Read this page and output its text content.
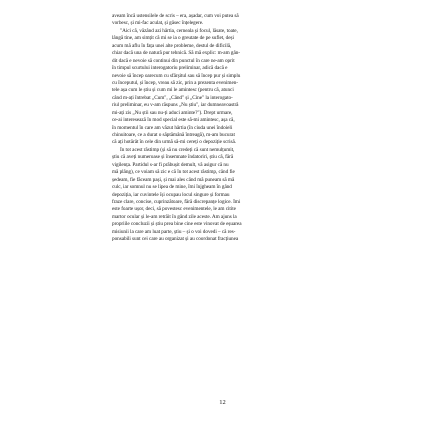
aveam încă ustensilele de scris – era, așadar, cum voi putea să
vorbesc, și mi-fac aculat, și gâsec înțelegere.
"Aici că, văzând azi hârtia, cerneala și focul, lăsate, toate,
lângă tine, am simțit că mi se ia o greutate de pe suflet, deși
acum mă aflu în fața unei alte probleme, destul de dificilă,
chiar dacă una de natură pur tehnică. Să mă explic: m-am gân-
dit dacă e nevoie să continui din punctul în care ne-am oprit
în timpul scurtului interogatoriu preliminar, adică dacă e
nevoie să încep oarecum cu sfârșitul sau să încep pur și simplu
cu începutul, și încep, vreau să zic, prin a prezenta evenimen-
tele așa cum le știu și cum mi le amintesc (pentru că, atunci
când m-ați întrebat „Cum", „Când" și „Cine" la interogato-
riul preliminar, eu v-am răspuns „Nu știu", iar dumneavoastră
mi-ați zis „Nu știi sau nu-ți aduci aminte?"). Drept urmare,
ce-ai interesează în mod special este să-mi amintesc, așa că,
în momentul în care am văzut hârtia (în ciuda unei îndoieli
chinuitoare, ce a durat o săptămână întreagă), m-am bucurat
că ați hotărât în cele din urmă să-mi cereți o depoziție scrisă.
În tot acest răstimp (și să nu credeți că sunt nemulțumit,
știu că aveți numeroase și însemnate îndatoriri, știu că, fără
vigilența. Partidul s-ar fi prăbușit demult, vă asigur că nu
mă plâng), ce voiam să zic e că în tot acest răstimp, când fie
ședeam, fie făceam pași, și mai ales când mă puneam să mă
culc, iar somnul nu se lipea de mine, îmi înjgheam în gând
depoziția, iar cuvintele își ocupau locul singure și formau
fraze clare, concise, cuprinzătoare, fără discrepanțe logice. Îmi
este foarte ușor, deci, să povestesc evenimentele, le am citite
martor ocular și le-am retrăit în gând zile aceste. Am ajuns la
propriile concluzii și știu prea bine cine este vinovat de eșuarea
misiunii la care am luat parte, știu – și o voi dovedi – că res-
ponsabili sunt cei care au organizat și au coordonat fracțiunea
12
